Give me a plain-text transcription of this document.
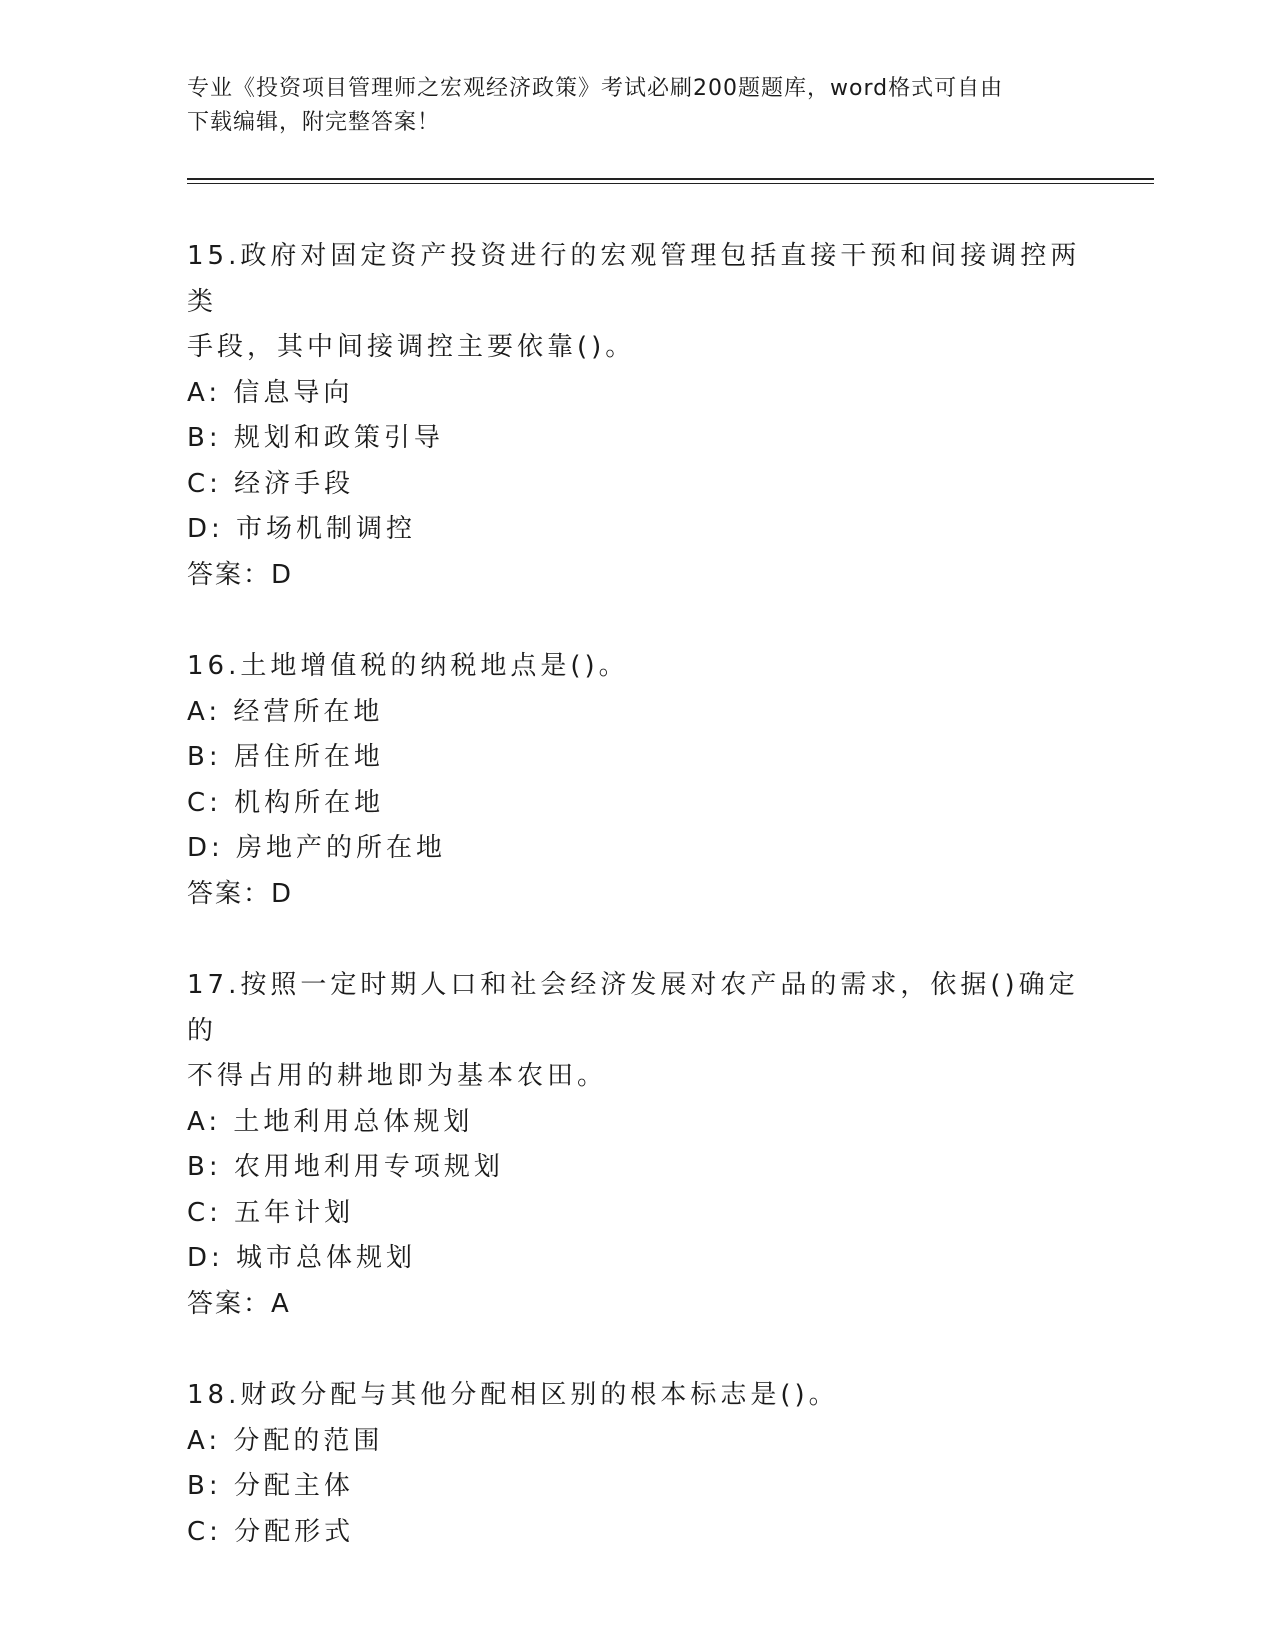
专业《投资项目管理师之宏观经济政策》考试必刷200题题库，word格式可自由
下载编辑，附完整答案！
15.政府对固定资产投资进行的宏观管理包括直接干预和间接调控两类
手段，其中间接调控主要依靠()。
A: 信息导向
B: 规划和政策引导
C: 经济手段
D: 市场机制调控
答案：D
16.土地增值税的纳税地点是()。
A: 经营所在地
B: 居住所在地
C: 机构所在地
D: 房地产的所在地
答案：D
17.按照一定时期人口和社会经济发展对农产品的需求，依据()确定的
不得占用的耕地即为基本农田。
A: 土地利用总体规划
B: 农用地利用专项规划
C: 五年计划
D: 城市总体规划
答案：A
18.财政分配与其他分配相区别的根本标志是()。
A: 分配的范围
B: 分配主体
C: 分配形式
